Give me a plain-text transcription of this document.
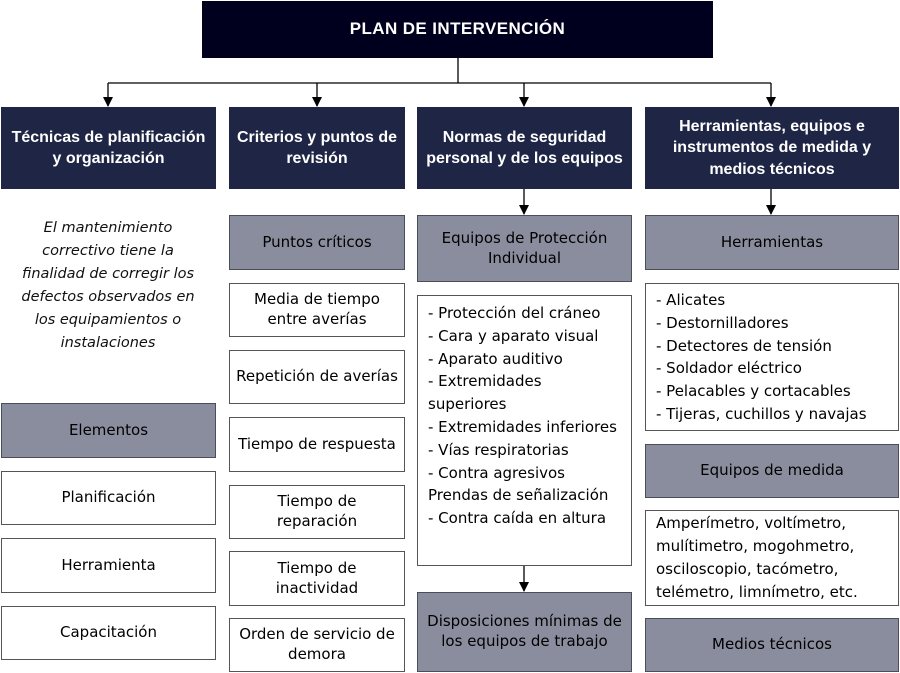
PLAN DE INTERVENCIÓN
Técnicas de planificación y organización
El mantenimiento correctivo tiene la finalidad de corregir los defectos observados en los equipamientos o instalaciones
Elementos
Planificación
Herramienta
Capacitación
Criterios y puntos de revisión
Puntos críticos
Media de tiempo entre averías
Repetición de averías
Tiempo de respuesta
Tiempo de reparación
Tiempo de inactividad
Orden de servicio de demora
Normas de seguridad personal y de los equipos
Equipos de Protección Individual
- Protección del cráneo
- Cara y aparato visual
- Aparato auditivo
- Extremidades superiores
- Extremidades inferiores
- Vías respiratorias
- Contra agresivos
Prendas de señalización
- Contra caída en altura
Disposiciones mínimas de los equipos de trabajo
Herramientas, equipos e instrumentos de medida y medios técnicos
Herramientas
- Alicates
- Destornilladores
- Detectores de tensión
- Soldador eléctrico
- Pelacables y cortacables
- Tijeras, cuchillos y navajas
Equipos de medida
Amperímetro, voltímetro, mulítimetro, mogohmetro, osciloscopio, tacómetro, telémetro, limnímetro, etc.
Medios técnicos
